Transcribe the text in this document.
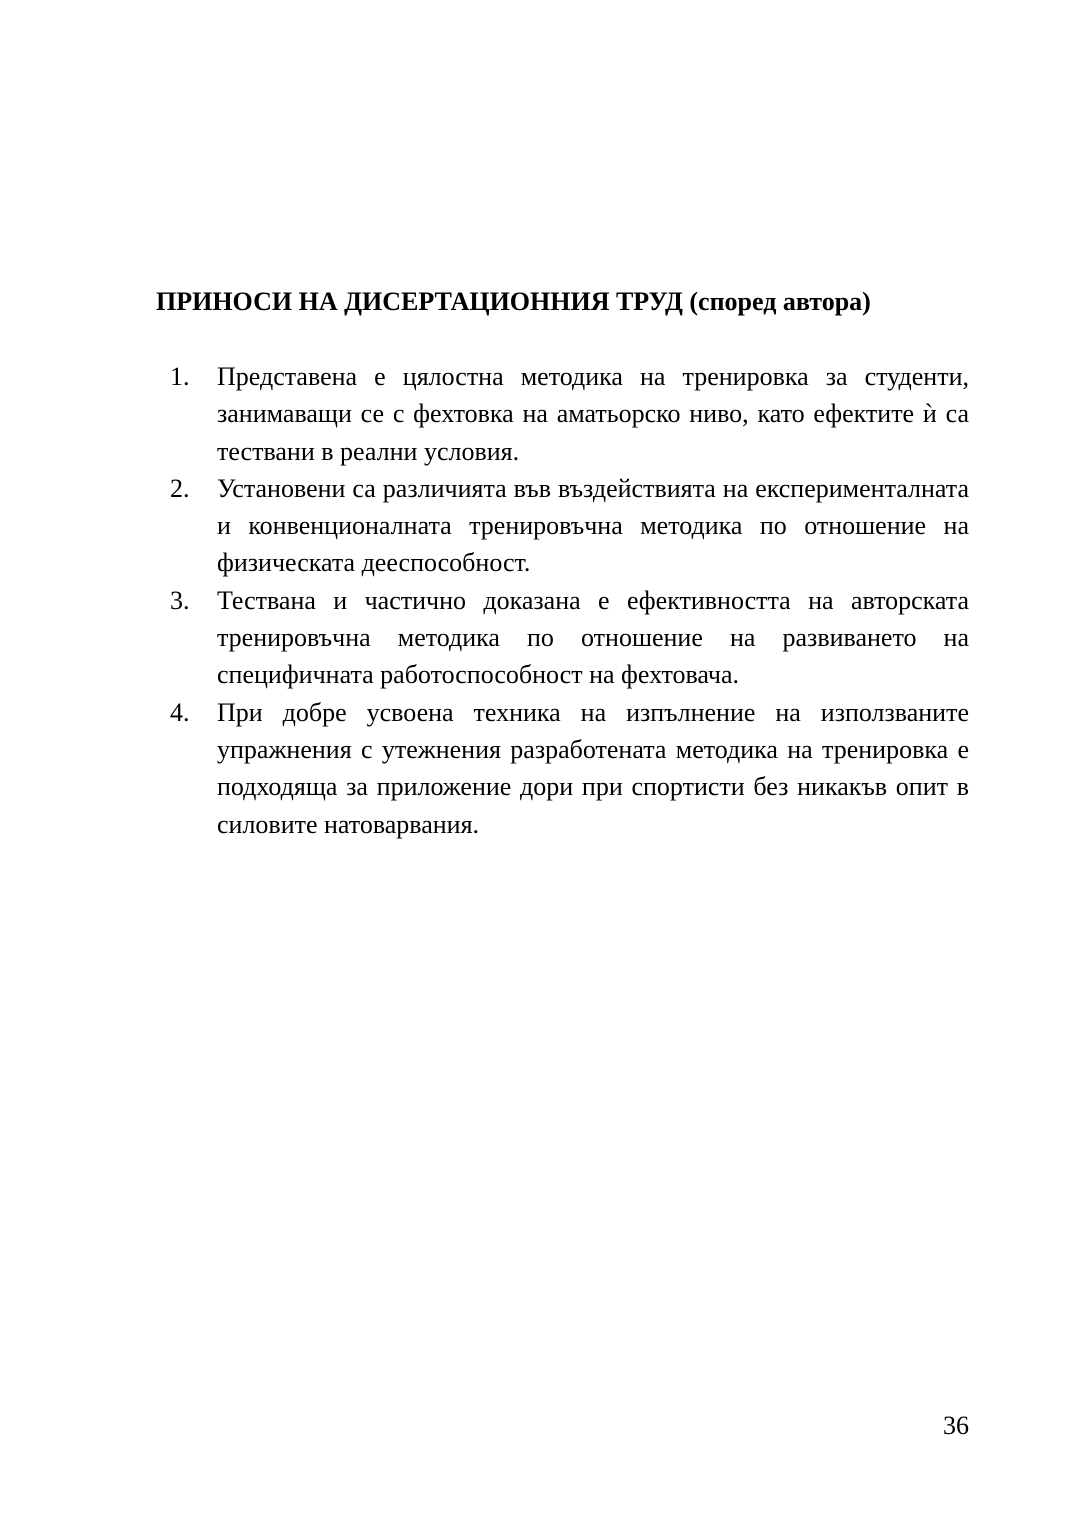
ПРИНОСИ НА ДИСЕРТАЦИОННИЯ ТРУД (според автора)
1. Представена е цялостна методика на тренировка за студенти, занимаващи се с фехтовка на аматьорско ниво, като ефектите ѝ са тествани в реални условия.
2. Установени са различията във въздействията на експерименталната и конвенционалната тренировъчна методика по отношение на физическата дееспособност.
3. Тествана и частично доказана е ефективността на авторската тренировъчна методика по отношение на развиването на специфичната работоспособност на фехтовача.
4. При добре усвоена техника на изпълнение на използваните упражнения с утежнения разработената методика на тренировка е подходяща за приложение дори при спортисти без никакъв опит в силовите натоварвания.

36
